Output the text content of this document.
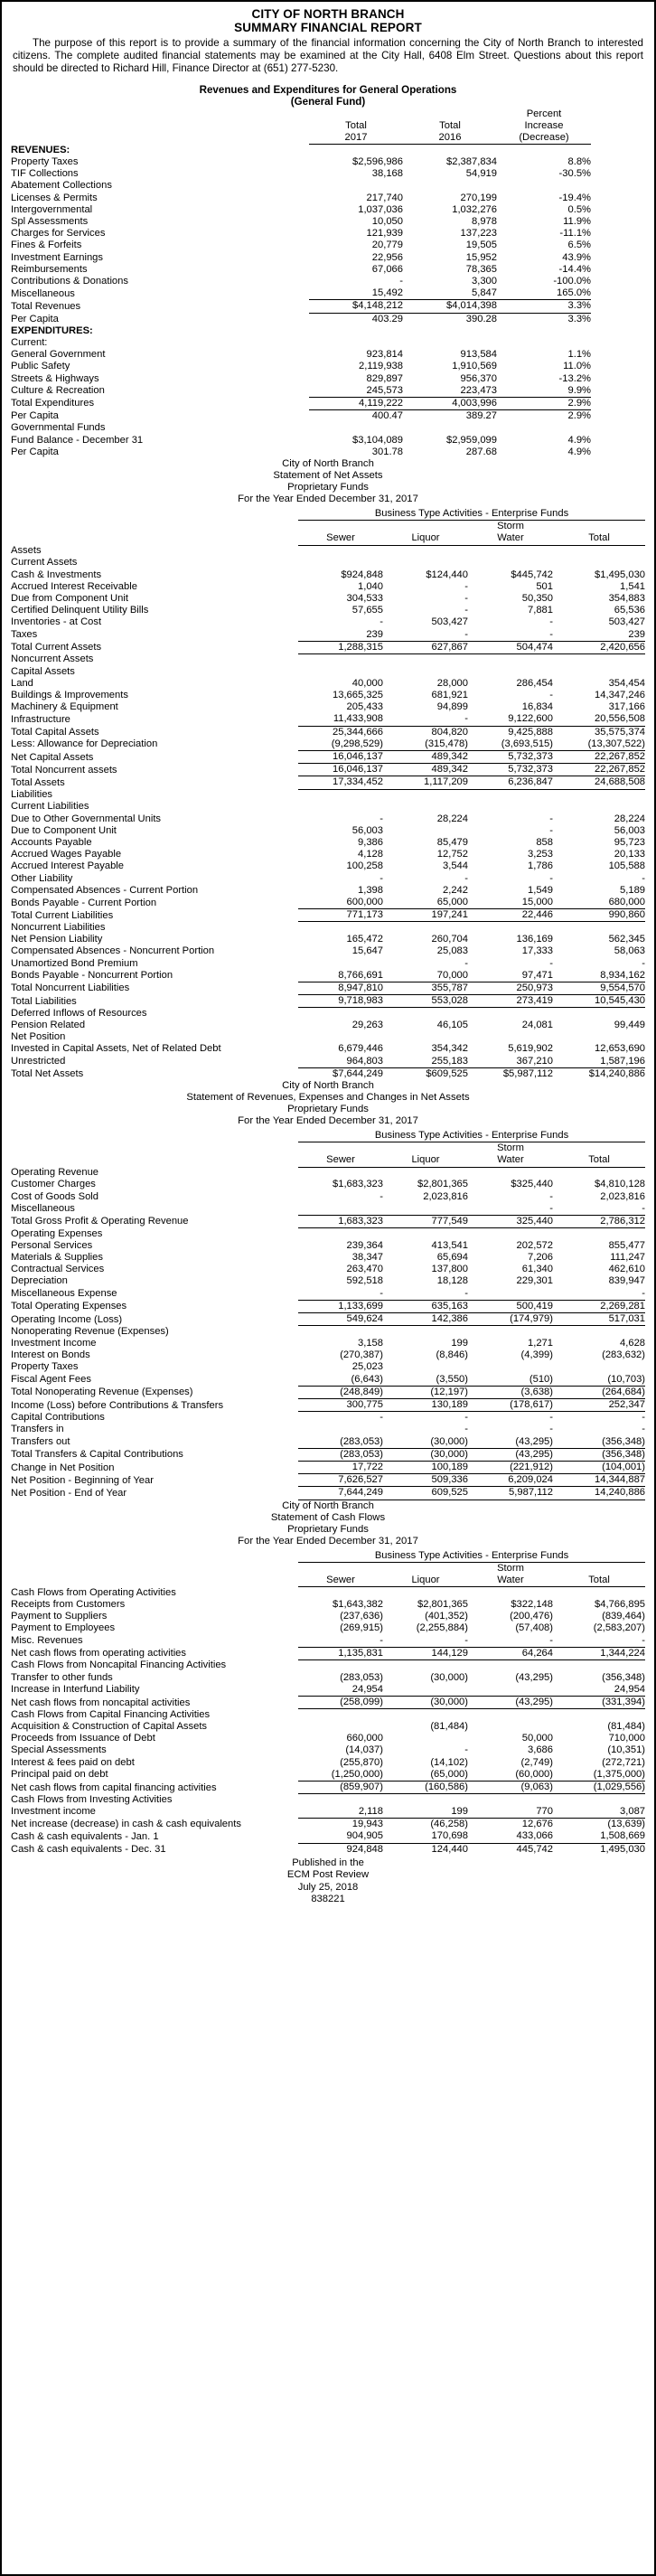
CITY OF NORTH BRANCH
SUMMARY FINANCIAL REPORT
The purpose of this report is to provide a summary of the financial information concerning the City of North Branch to interested citizens. The complete audited financial statements may be examined at the City Hall, 6408 Elm Street. Questions about this report should be directed to Richard Hill, Finance Director at (651) 277-5230.
Revenues and Expenditures for General Operations
(General Fund)
			Percent	
	Total	Total	Increase	
	2017	2016	(Decrease)	
REVENUES:				
Property Taxes	$2,596,986	$2,387,834	8.8%	
TIF Collections	38,168	54,919	-30.5%	
Abatement Collections				
Licenses & Permits	217,740	270,199	-19.4%	
Intergovernmental	1,037,036	1,032,276	0.5%	
Spl Assessments	10,050	8,978	11.9%	
Charges for Services	121,939	137,223	-11.1%	
Fines & Forfeits	20,779	19,505	6.5%	
Investment Earnings	22,956	15,952	43.9%	
Reimbursements	67,066	78,365	-14.4%	
Contributions & Donations	-	3,300	-100.0%	
Miscellaneous	15,492	5,847	165.0%	
Total Revenues	$4,148,212	$4,014,398	3.3%	
Per Capita	403.29	390.28	3.3%	
EXPENDITURES:				
Current:				
General Government	923,814	913,584	1.1%	
Public Safety	2,119,938	1,910,569	11.0%	
Streets & Highways	829,897	956,370	-13.2%	
Culture & Recreation	245,573	223,473	9.9%	
Total Expenditures	4,119,222	4,003,996	2.9%	
Per Capita	400.47	389.27	2.9%	
Governmental Funds				
Fund Balance - December 31	$3,104,089	$2,959,099	4.9%	
Per Capita	301.78	287.68	4.9%	
City of North Branch
Statement of Net Assets
Proprietary Funds
For the Year Ended December 31, 2017
	Business Type Activities - Enterprise Funds			
			Storm	
	Sewer	Liquor	Water	Total
Assets				
Current Assets				
Cash & Investments	$924,848	$124,440	$445,742	$1,495,030
Accrued Interest Receivable	1,040	-	501	1,541
Due from Component Unit	304,533	-	50,350	354,883
Certified Delinquent Utility Bills	57,655	-	7,881	65,536
Inventories - at Cost	-	503,427	-	503,427
Taxes	239	-	-	239
Total Current Assets	1,288,315	627,867	504,474	2,420,656
Noncurrent Assets				
Capital Assets				
Land	40,000	28,000	286,454	354,454
Buildings & Improvements	13,665,325	681,921	-	14,347,246
Machinery & Equipment	205,433	94,899	16,834	317,166
Infrastructure	11,433,908	-	9,122,600	20,556,508
Total Capital Assets	25,344,666	804,820	9,425,888	35,575,374
Less: Allowance for Depreciation	(9,298,529)	(315,478)	(3,693,515)	(13,307,522)
Net Capital Assets	16,046,137	489,342	5,732,373	22,267,852
Total Noncurrent assets	16,046,137	489,342	5,732,373	22,267,852
Total Assets	17,334,452	1,117,209	6,236,847	24,688,508
Liabilities				
Current Liabilities				
Due to Other Governmental Units	-	28,224	-	28,224
Due to Component Unit	56,003		-	56,003
Accounts Payable	9,386	85,479	858	95,723
Accrued Wages Payable	4,128	12,752	3,253	20,133
Accrued Interest Payable	100,258	3,544	1,786	105,588
Other Liability	-	-	-	-
Compensated Absences - Current Portion	1,398	2,242	1,549	5,189
Bonds Payable - Current Portion	600,000	65,000	15,000	680,000
Total Current Liabilities	771,173	197,241	22,446	990,860
Noncurrent Liabilities				
Net Pension Liability	165,472	260,704	136,169	562,345
Compensated Absences - Noncurrent Portion	15,647	25,083	17,333	58,063
Unamortized Bond Premium		-	-	-
Bonds Payable - Noncurrent Portion	8,766,691	70,000	97,471	8,934,162
Total Noncurrent Liabilities	8,947,810	355,787	250,973	9,554,570
Total Liabilities	9,718,983	553,028	273,419	10,545,430
Deferred Inflows of Resources				
Pension Related	29,263	46,105	24,081	99,449
Net Position				
Invested in Capital Assets, Net of Related Debt	6,679,446	354,342	5,619,902	12,653,690
Unrestricted	964,803	255,183	367,210	1,587,196
Total Net Assets	$7,644,249	$609,525	$5,987,112	$14,240,886
City of North Branch
Statement of Revenues, Expenses and Changes in Net Assets
Proprietary Funds
For the Year Ended December 31, 2017
	Business Type Activities - Enterprise Funds			
			Storm	
	Sewer	Liquor	Water	Total
Operating Revenue				
Customer Charges	$1,683,323	$2,801,365	$325,440	$4,810,128
Cost of Goods Sold	-	2,023,816	-	2,023,816
Miscellaneous			-	-
Total Gross Profit & Operating Revenue	1,683,323	777,549	325,440	2,786,312
Operating Expenses				
Personal Services	239,364	413,541	202,572	855,477
Materials & Supplies	38,347	65,694	7,206	111,247
Contractual Services	263,470	137,800	61,340	462,610
Depreciation	592,518	18,128	229,301	839,947
Miscellaneous Expense	-	-		-
Total Operating Expenses	1,133,699	635,163	500,419	2,269,281
Operating Income (Loss)	549,624	142,386	(174,979)	517,031
Nonoperating Revenue (Expenses)				
Investment Income	3,158	199	1,271	4,628
Interest on Bonds	(270,387)	(8,846)	(4,399)	(283,632)
Property Taxes	25,023			
Fiscal Agent Fees	(6,643)	(3,550)	(510)	(10,703)
Total Nonoperating Revenue (Expenses)	(248,849)	(12,197)	(3,638)	(264,684)
Income (Loss) before Contributions & Transfers	300,775	130,189	(178,617)	252,347
Capital Contributions	-	-	-	-
Transfers in		-	-	-
Transfers out	(283,053)	(30,000)	(43,295)	(356,348)
Total Transfers & Capital Contributions	(283,053)	(30,000)	(43,295)	(356,348)
Change in Net Position	17,722	100,189	(221,912)	(104,001)
Net Position - Beginning of Year	7,626,527	509,336	6,209,024	14,344,887
Net Position - End of Year	7,644,249	609,525	5,987,112	14,240,886
City of North Branch
Statement of Cash Flows
Proprietary Funds
For the Year Ended December 31, 2017
	Business Type Activities - Enterprise Funds			
			Storm	
	Sewer	Liquor	Water	Total
Cash Flows from Operating Activities				
Receipts from Customers	$1,643,382	$2,801,365	$322,148	$4,766,895
Payment to Suppliers	(237,636)	(401,352)	(200,476)	(839,464)
Payment to Employees	(269,915)	(2,255,884)	(57,408)	(2,583,207)
Misc. Revenues	-	-	-	-
Net cash flows from operating activities	1,135,831	144,129	64,264	1,344,224
Cash Flows from Noncapital Financing Activities				
Transfer to other funds	(283,053)	(30,000)	(43,295)	(356,348)
Increase in Interfund Liability	24,954			24,954
Net cash flows from noncapital activities	(258,099)	(30,000)	(43,295)	(331,394)
Cash Flows from Capital Financing Activities				
Acquisition & Construction of Capital Assets		(81,484)		(81,484)
Proceeds from Issuance of Debt	660,000		50,000	710,000
Special Assessments	(14,037)	-	3,686	(10,351)
Interest & fees paid on debt	(255,870)	(14,102)	(2,749)	(272,721)
Principal paid on debt	(1,250,000)	(65,000)	(60,000)	(1,375,000)
Net cash flows from capital financing activities	(859,907)	(160,586)	(9,063)	(1,029,556)
Cash Flows from Investing Activities				
Investment income	2,118	199	770	3,087
Net increase (decrease) in cash & cash equivalents	19,943	(46,258)	12,676	(13,639)
Cash & cash equivalents - Jan. 1	904,905	170,698	433,066	1,508,669
Cash & cash equivalents - Dec. 31	924,848	124,440	445,742	1,495,030
Published in the
ECM Post Review
July 25, 2018
838221
